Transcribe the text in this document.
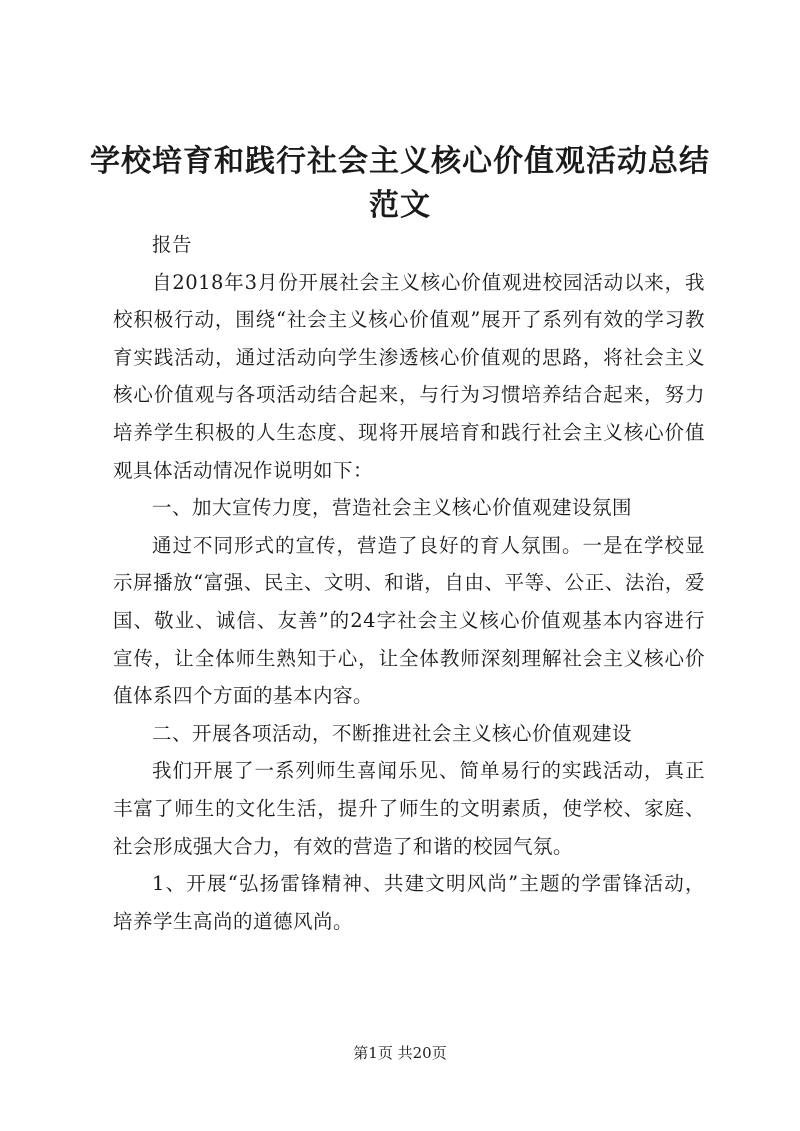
学校培育和践行社会主义核心价值观活动总结
范文

报告

自2018年3月份开展社会主义核心价值观进校园活动以来，我校积极行动，围绕“社会主义核心价值观”展开了系列有效的学习教育实践活动，通过活动向学生渗透核心价值观的思路，将社会主义核心价值观与各项活动结合起来，与行为习惯培养结合起来，努力培养学生积极的人生态度、现将开展培育和践行社会主义核心价值观具体活动情况作说明如下：

一、加大宣传力度，营造社会主义核心价值观建设氛围

通过不同形式的宣传，营造了良好的育人氛围。一是在学校显示屏播放“富强、民主、文明、和谐，自由、平等、公正、法治，爱国、敬业、诚信、友善”的24字社会主义核心价值观基本内容进行宣传，让全体师生熟知于心，让全体教师深刻理解社会主义核心价值体系四个方面的基本内容。

二、开展各项活动，不断推进社会主义核心价值观建设

我们开展了一系列师生喜闻乐见、简单易行的实践活动，真正丰富了师生的文化生活，提升了师生的文明素质，使学校、家庭、社会形成强大合力，有效的营造了和谐的校园气氛。

1、开展“弘扬雷锋精神、共建文明风尚”主题的学雷锋活动，培养学生高尚的道德风尚。

第1页 共20页
